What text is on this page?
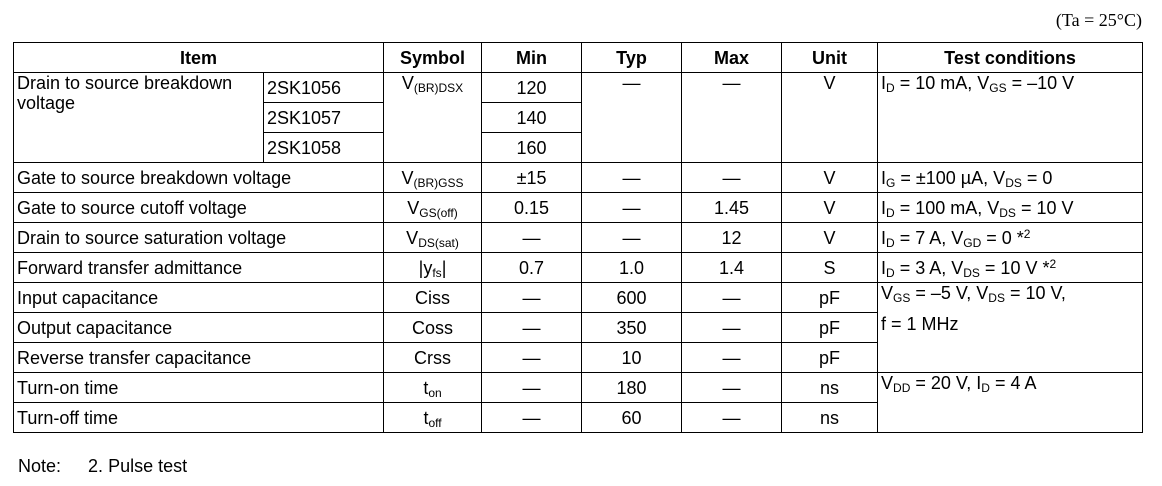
(Ta = 25°C)
Item		Symbol	Min	Typ	Max	Unit	Test conditions
Drain to source breakdown voltage	2SK1056	$V_{(BR)DSX}$	120	—	—	V	$I_D = 10$ mA, $V_{GS} = -10$ V
	2SK1057		140				
	2SK1058		160				
Gate to source breakdown voltage		$V_{(BR)GSS}$	±15	—	—	V	$I_G = \pm 100$ µA, $V_{DS} = 0$
Gate to source cutoff voltage		$V_{GS(off)}$	0.15	—	1.45	V	$I_D = 100$ mA, $V_{DS} = 10$ V
Drain to source saturation voltage		$V_{DS(sat)}$	—	—	12	V	$I_D = 7$ A, $V_{GD} = 0$ *$^2$
Forward transfer admittance		$|y_{fs}|$	0.7	1.0	1.4	S	$I_D = 3$ A, $V_{DS} = 10$ V *$^2$
Input capacitance		Ciss	—	600	—	pF	$V_{GS} = -5$ V, $V_{DS} = 10$ V,
f = 1 MHz
Output capacitance		Coss	—	350	—	pF	
Reverse transfer capacitance		Crss	—	10	—	pF	
Turn-on time		$t_{on}$	—	180	—	ns	$V_{DD} = 20$ V, $I_D = 4$ A
Turn-off time		$t_{off}$	—	60	—	ns	
Note: 2. Pulse test
